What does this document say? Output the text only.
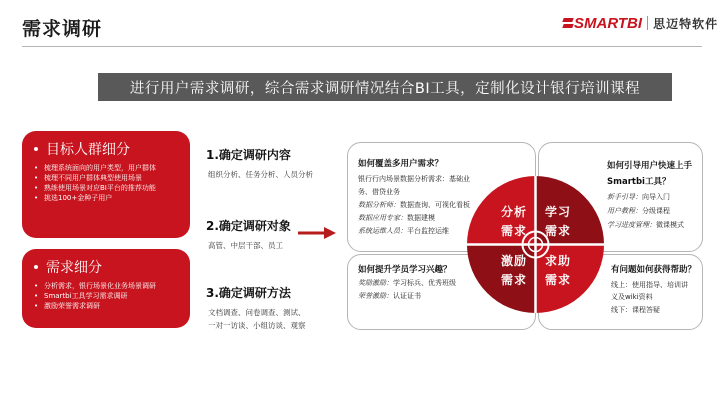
需求调研	SMARTBI 思迈特软件
进行用户需求调研，综合需求调研情况结合BI工具，定制化设计银行培训课程
目标人群细分
• 梳理系统面向的用户类型，用户群体
• 梳理不同用户群体典型使用场景
• 熟练使用场景对应BI平台的推荐功能
• 挑选100+金种子用户
需求细分
• 分析需求，银行场景化业务场景调研
• Smartbi工具学习需求调研
• 激励荣誉需求调研
1.确定调研内容
组织分析、任务分析、人员分析
2.确定调研对象
高管、中层干部、员工
3.确定调研方法
文档调查、问卷调查、测试、
一对一访谈、小组访谈、观察
如何覆盖多用户需求？
银行行内场景数据分析需求：基础业
务、借贷业务
数据分析师：数据查询、可视化看板
数据应用专家：数据建模
系统运维人员：平台监控运维
如何引导用户快速上手
Smartbi工具？
新手引导：向导入门
用户教程：分级课程
学习进度管理：微课模式
如何提升学员学习兴趣？
奖励激励：学习标兵、优秀班级
荣誉激励：认证证书
有问题如何获得帮助？
线上：使用指导、培训讲
义及wiki资料
线下：课程答疑
分析
需求
学习
需求
激励
需求
求助
需求
